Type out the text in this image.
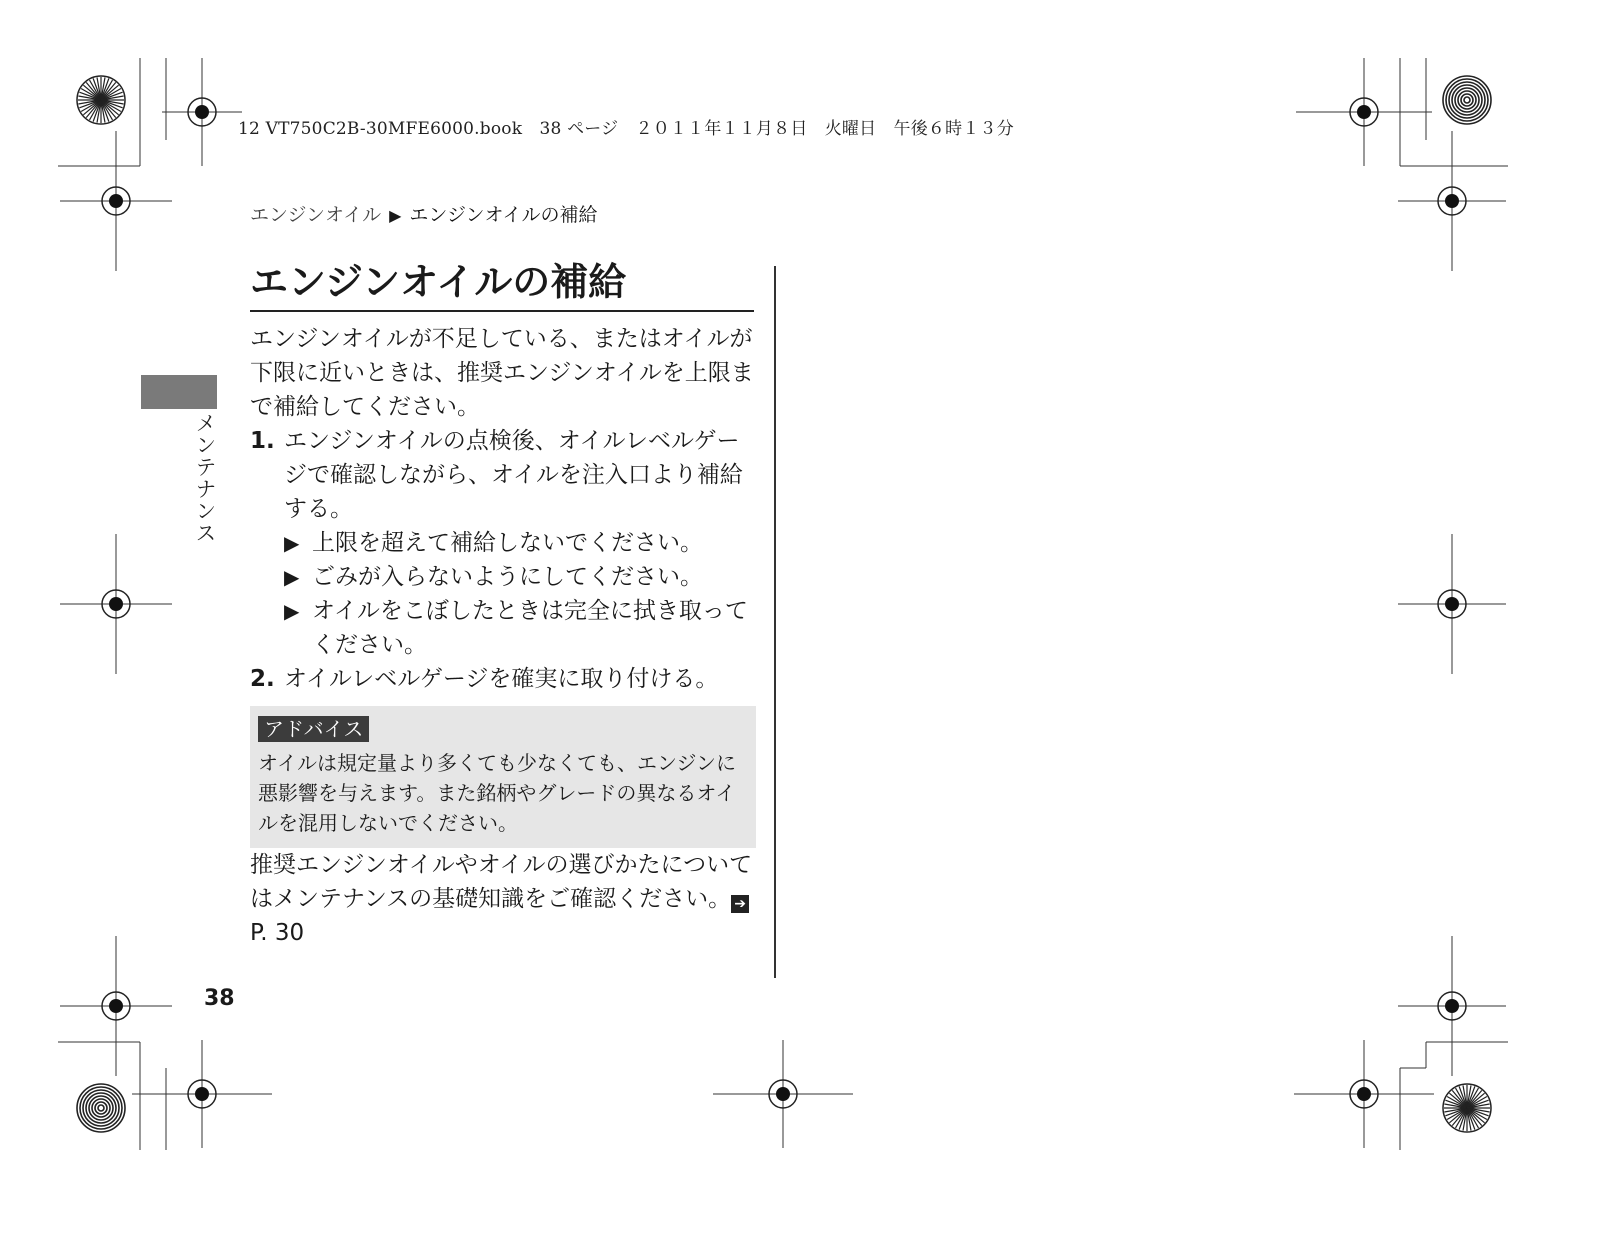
12 VT750C2B-30MFE6000.book　38 ページ　２０１１年１１月８日　火曜日　午後６時１３分
エンジンオイル ▶ エンジンオイルの補給
メンテナンス
エンジンオイルの補給

エンジンオイルが不足している、またはオイルが下限に近いときは、推奨エンジンオイルを上限まで補給してください。

1. エンジンオイルの点検後、オイルレベルゲージで確認しながら、オイルを注入口より補給する。
▶ 上限を超えて補給しないでください。
▶ ごみが入らないようにしてください。
▶ オイルをこぼしたときは完全に拭き取ってください。
2. オイルレベルゲージを確実に取り付ける。
アドバイス
オイルは規定量より多くても少なくても、エンジンに悪影響を与えます。また銘柄やグレードの異なるオイルを混用しないでください。

推奨エンジンオイルやオイルの選びかたについてはメンテナンスの基礎知識をご確認ください。 ➔P. 30

38
